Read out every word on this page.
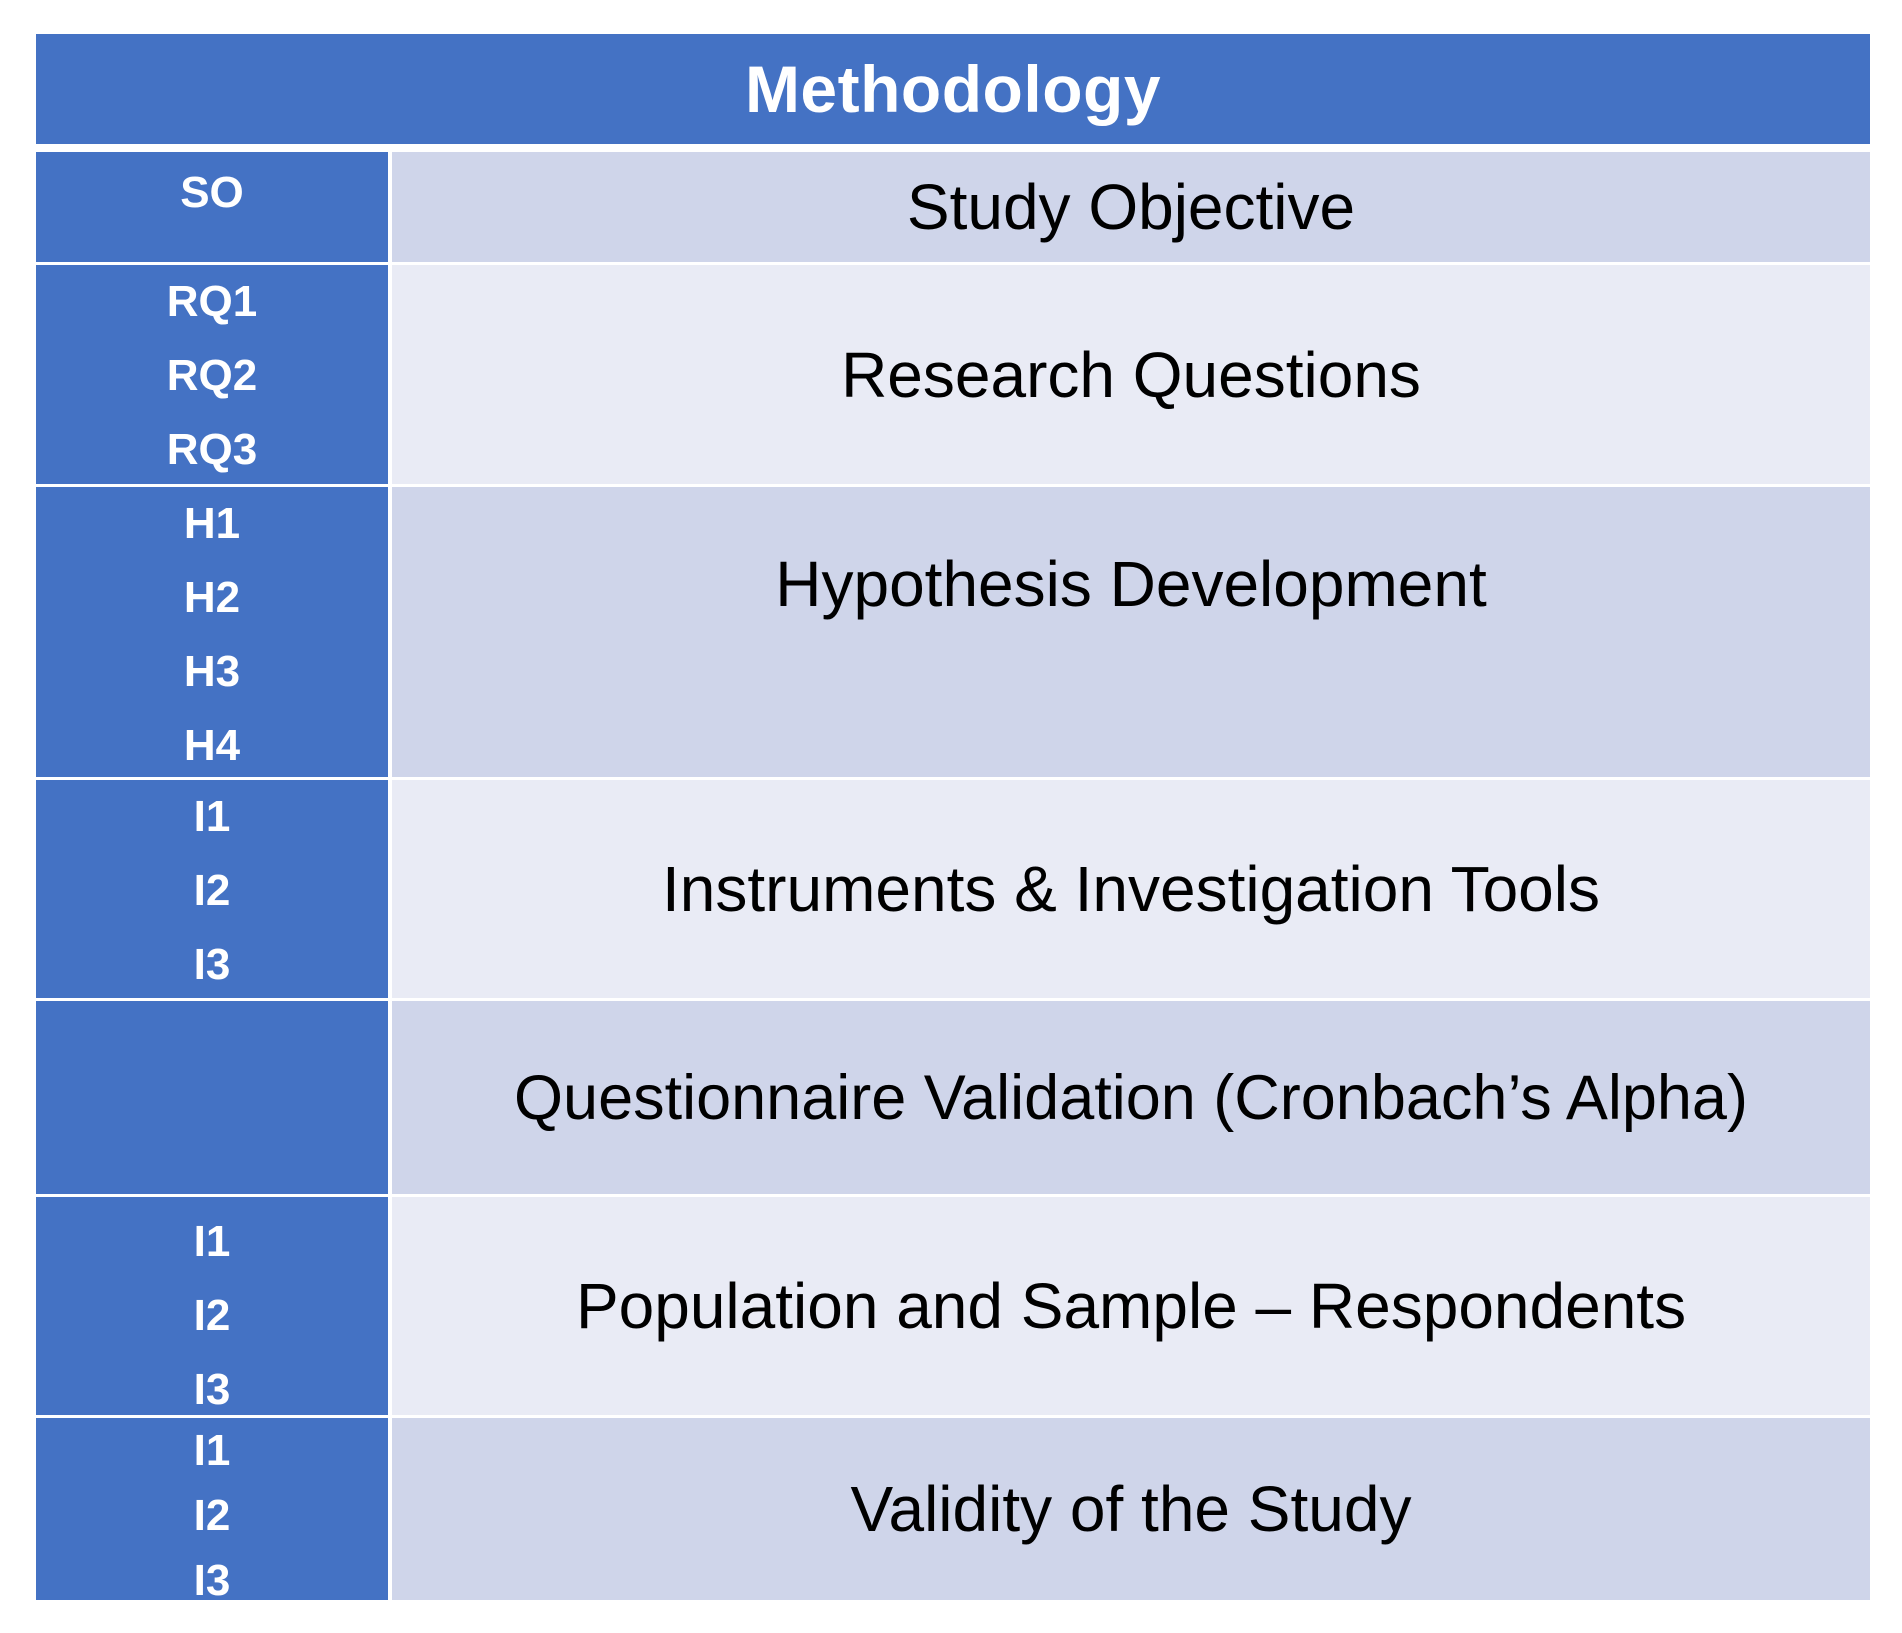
Methodology
SO	Study Objective
RQ1
RQ2
RQ3
Research Questions
H1
H2
H3
H4
Hypothesis Development
I1
I2
I3
Instruments & Investigation Tools
Questionnaire Validation (Cronbach’s Alpha)
I1
I2
I3
Population and Sample – Respondents
I1
I2
I3
Validity of the Study
